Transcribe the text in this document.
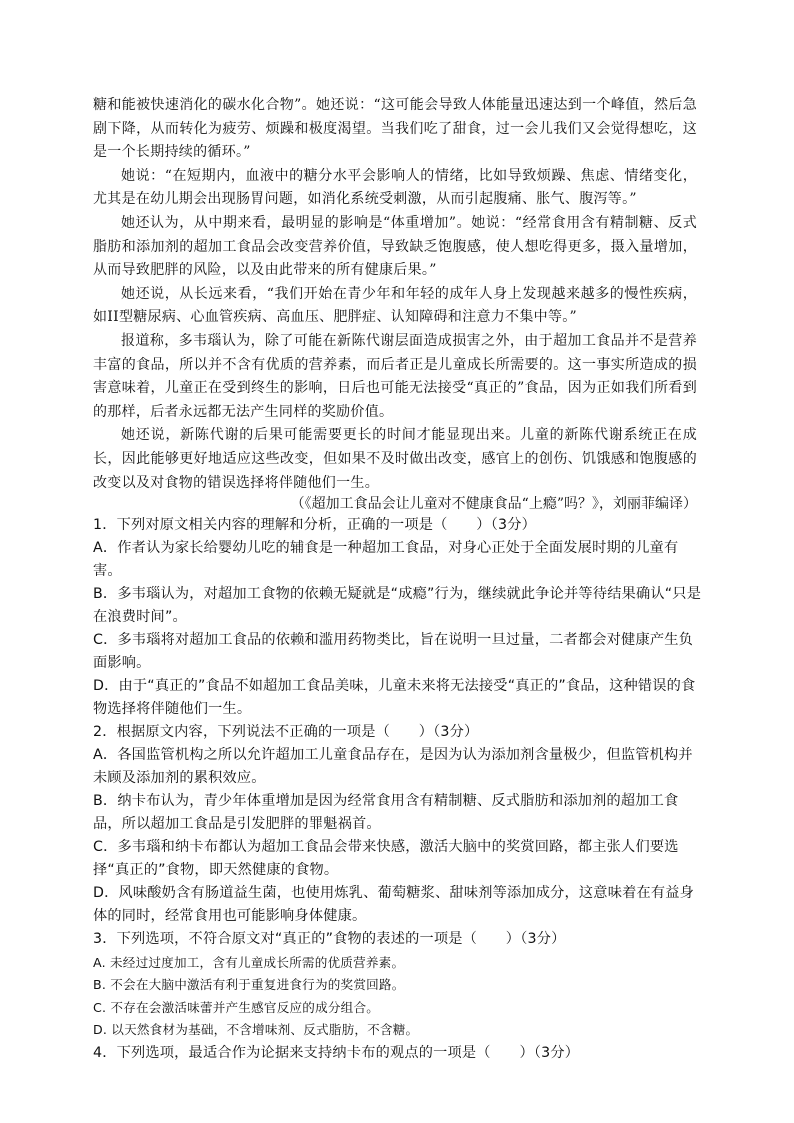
糖和能被快速消化的碳水化合物”。她还说：“这可能会导致人体能量迅速达到一个峰值，然后急剧下降，从而转化为疲劳、烦躁和极度渴望。当我们吃了甜食，过一会儿我们又会觉得想吃，这是一个长期持续的循环。”

她说：“在短期内，血液中的糖分水平会影响人的情绪，比如导致烦躁、焦虑、情绪变化，尤其是在幼儿期会出现肠胃问题，如消化系统受刺激，从而引起腹痛、胀气、腹泻等。”

她还认为，从中期来看，最明显的影响是“体重增加”。她说：“经常食用含有精制糖、反式脂肪和添加剂的超加工食品会改变营养价值，导致缺乏饱腹感，使人想吃得更多，摄入量增加，从而导致肥胖的风险，以及由此带来的所有健康后果。”

她还说，从长远来看，“我们开始在青少年和年轻的成年人身上发现越来越多的慢性疾病，如II型糖尿病、心血管疾病、高血压、肥胖症、认知障碍和注意力不集中等。”

报道称，多韦瑙认为，除了可能在新陈代谢层面造成损害之外，由于超加工食品并不是营养丰富的食品，所以并不含有优质的营养素，而后者正是儿童成长所需要的。这一事实所造成的损害意味着，儿童正在受到终生的影响，日后也可能无法接受“真正的”食品，因为正如我们所看到的那样，后者永远都无法产生同样的奖励价值。

她还说，新陈代谢的后果可能需要更长的时间才能显现出来。儿童的新陈代谢系统正在成长，因此能够更好地适应这些改变，但如果不及时做出改变，感官上的创伤、饥饿感和饱腹感的改变以及对食物的错误选择将伴随他们一生。

（《超加工食品会让儿童对不健康食品“上瘾”吗？》，刘丽菲编译）

1．下列对原文相关内容的理解和分析，正确的一项是（　　）（3分）

A．作者认为家长给婴幼儿吃的辅食是一种超加工食品，对身心正处于全面发展时期的儿童有害。

B．多韦瑙认为，对超加工食物的依赖无疑就是“成瘾”行为，继续就此争论并等待结果确认“只是在浪费时间”。

C．多韦瑙将对超加工食品的依赖和滥用药物类比，旨在说明一旦过量，二者都会对健康产生负面影响。

D．由于“真正的”食品不如超加工食品美味，儿童未来将无法接受“真正的”食品，这种错误的食物选择将伴随他们一生。

2．根据原文内容，下列说法不正确的一项是（　　）（3分）

A．各国监管机构之所以允许超加工儿童食品存在，是因为认为添加剂含量极少，但监管机构并未顾及添加剂的累积效应。

B．纳卡布认为，青少年体重增加是因为经常食用含有精制糖、反式脂肪和添加剂的超加工食品，所以超加工食品是引发肥胖的罪魁祸首。

C．多韦瑙和纳卡布都认为超加工食品会带来快感，激活大脑中的奖赏回路，都主张人们要选择“真正的”食物，即天然健康的食物。

D．风味酸奶含有肠道益生菌，也使用炼乳、葡萄糖浆、甜味剂等添加成分，这意味着在有益身体的同时，经常食用也可能影响身体健康。

3．下列选项，不符合原文对“真正的”食物的表述的一项是（　　）（3分）

A. 未经过过度加工，含有儿童成长所需的优质营养素。

B. 不会在大脑中激活有利于重复进食行为的奖赏回路。

C. 不存在会激活味蕾并产生感官反应的成分组合。

D. 以天然食材为基础，不含增味剂、反式脂肪，不含糖。

4．下列选项，最适合作为论据来支持纳卡布的观点的一项是（　　）（3分）
